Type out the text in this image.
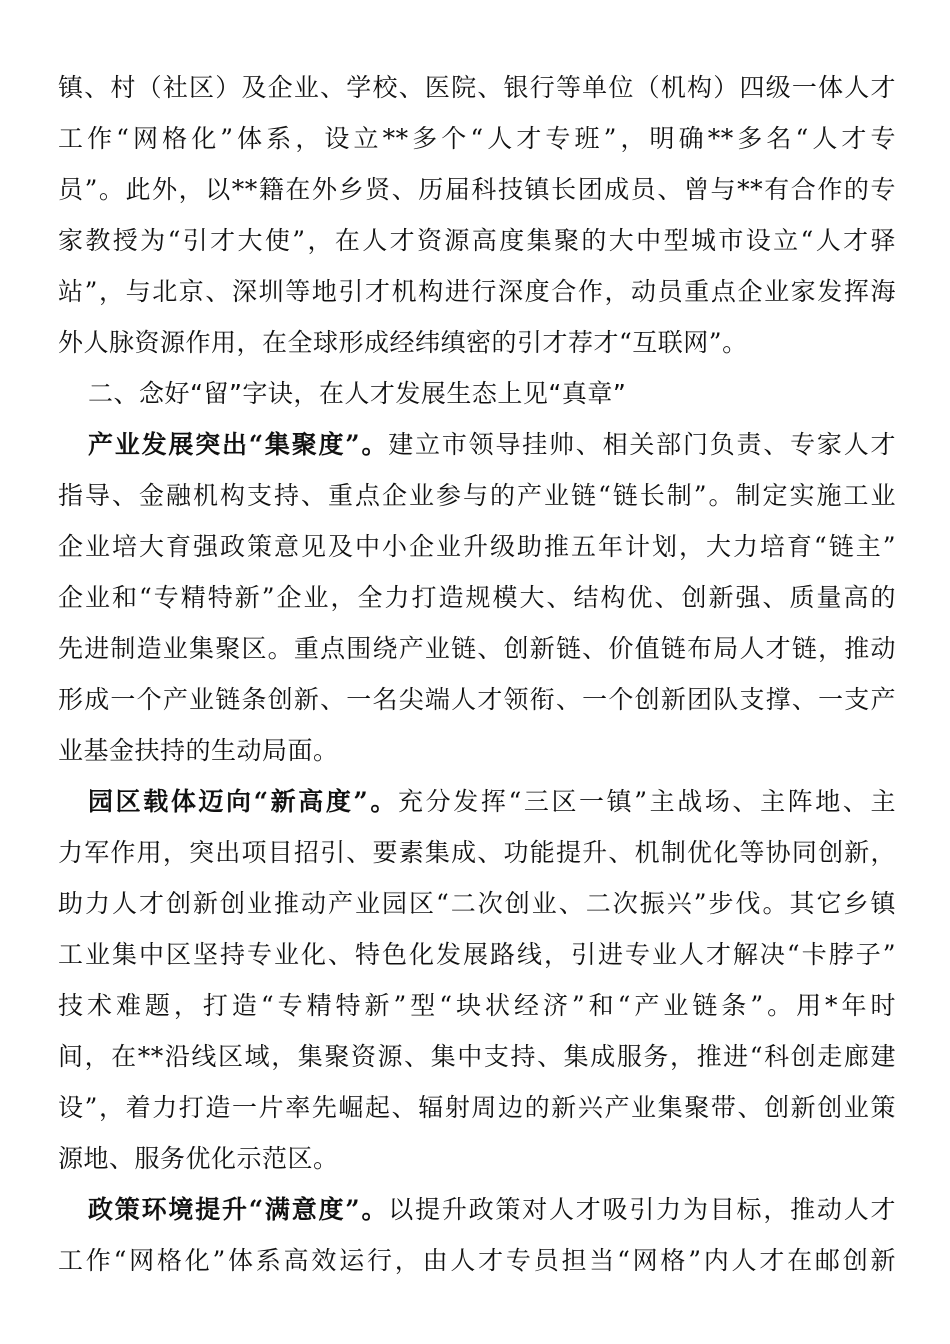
镇、村（社区）及企业、学校、医院、银行等单位（机构）四级一体人才
工作“网格化”体系，设立**多个“人才专班”，明确**多名“人才专
员”。此外，以**籍在外乡贤、历届科技镇长团成员、曾与**有合作的专
家教授为“引才大使”，在人才资源高度集聚的大中型城市设立“人才驿
站”，与北京、深圳等地引才机构进行深度合作，动员重点企业家发挥海
外人脉资源作用，在全球形成经纬缜密的引才荐才“互联网”。
二、念好“留”字诀，在人才发展生态上见“真章”
产业发展突出“集聚度”。建立市领导挂帅、相关部门负责、专家人才
指导、金融机构支持、重点企业参与的产业链“链长制”。制定实施工业
企业培大育强政策意见及中小企业升级助推五年计划，大力培育“链主”
企业和“专精特新”企业，全力打造规模大、结构优、创新强、质量高的
先进制造业集聚区。重点围绕产业链、创新链、价值链布局人才链，推动
形成一个产业链条创新、一名尖端人才领衔、一个创新团队支撑、一支产
业基金扶持的生动局面。
园区载体迈向“新高度”。充分发挥“三区一镇”主战场、主阵地、主
力军作用，突出项目招引、要素集成、功能提升、机制优化等协同创新，
助力人才创新创业推动产业园区“二次创业、二次振兴”步伐。其它乡镇
工业集中区坚持专业化、特色化发展路线，引进专业人才解决“卡脖子”
技术难题，打造“专精特新”型“块状经济”和“产业链条”。用*年时
间，在**沿线区域，集聚资源、集中支持、集成服务，推进“科创走廊建
设”，着力打造一片率先崛起、辐射周边的新兴产业集聚带、创新创业策
源地、服务优化示范区。
政策环境提升“满意度”。以提升政策对人才吸引力为目标，推动人才
工作“网格化”体系高效运行，由人才专员担当“网格”内人才在邮创新
